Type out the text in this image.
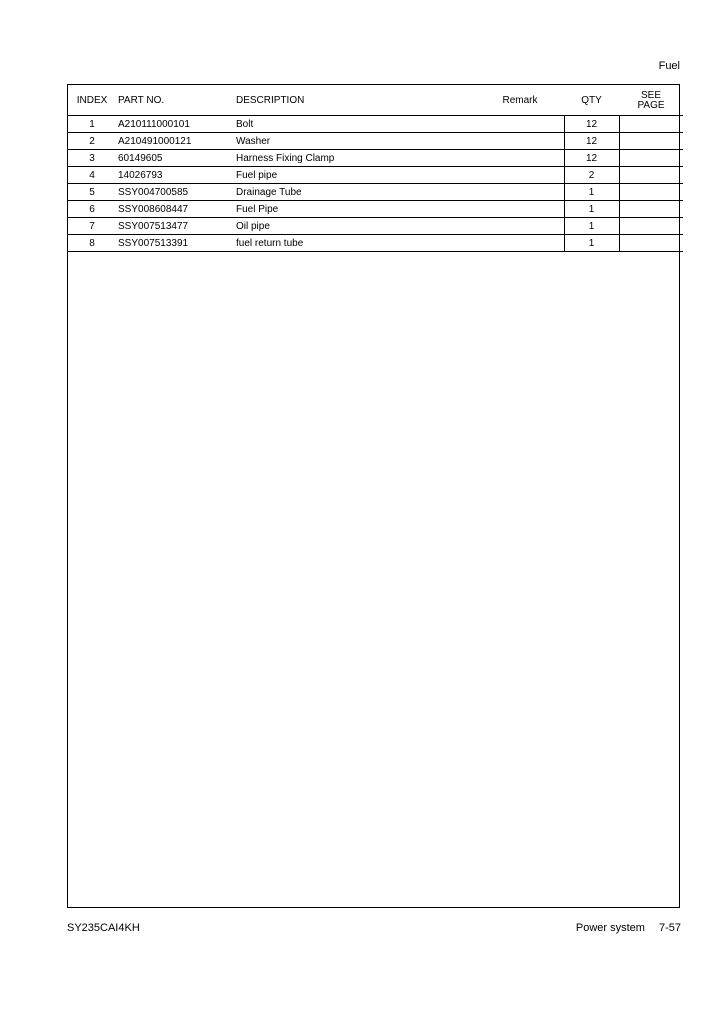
Fuel
INDEX	PART NO.	DESCRIPTION	Remark	QTY	SEE
PAGE

1	A210111000101	Bolt		12	
2	A210491000121	Washer		12	
3	60149605	Harness Fixing Clamp		12	
4	14026793	Fuel pipe		2	
5	SSY004700585	Drainage Tube		1	
6	SSY008608447	Fuel Pipe		1	
7	SSY007513477	Oil pipe		1	
8	SSY007513391	fuel return tube		1	
SY235CAI4KH	Power system 7-57
